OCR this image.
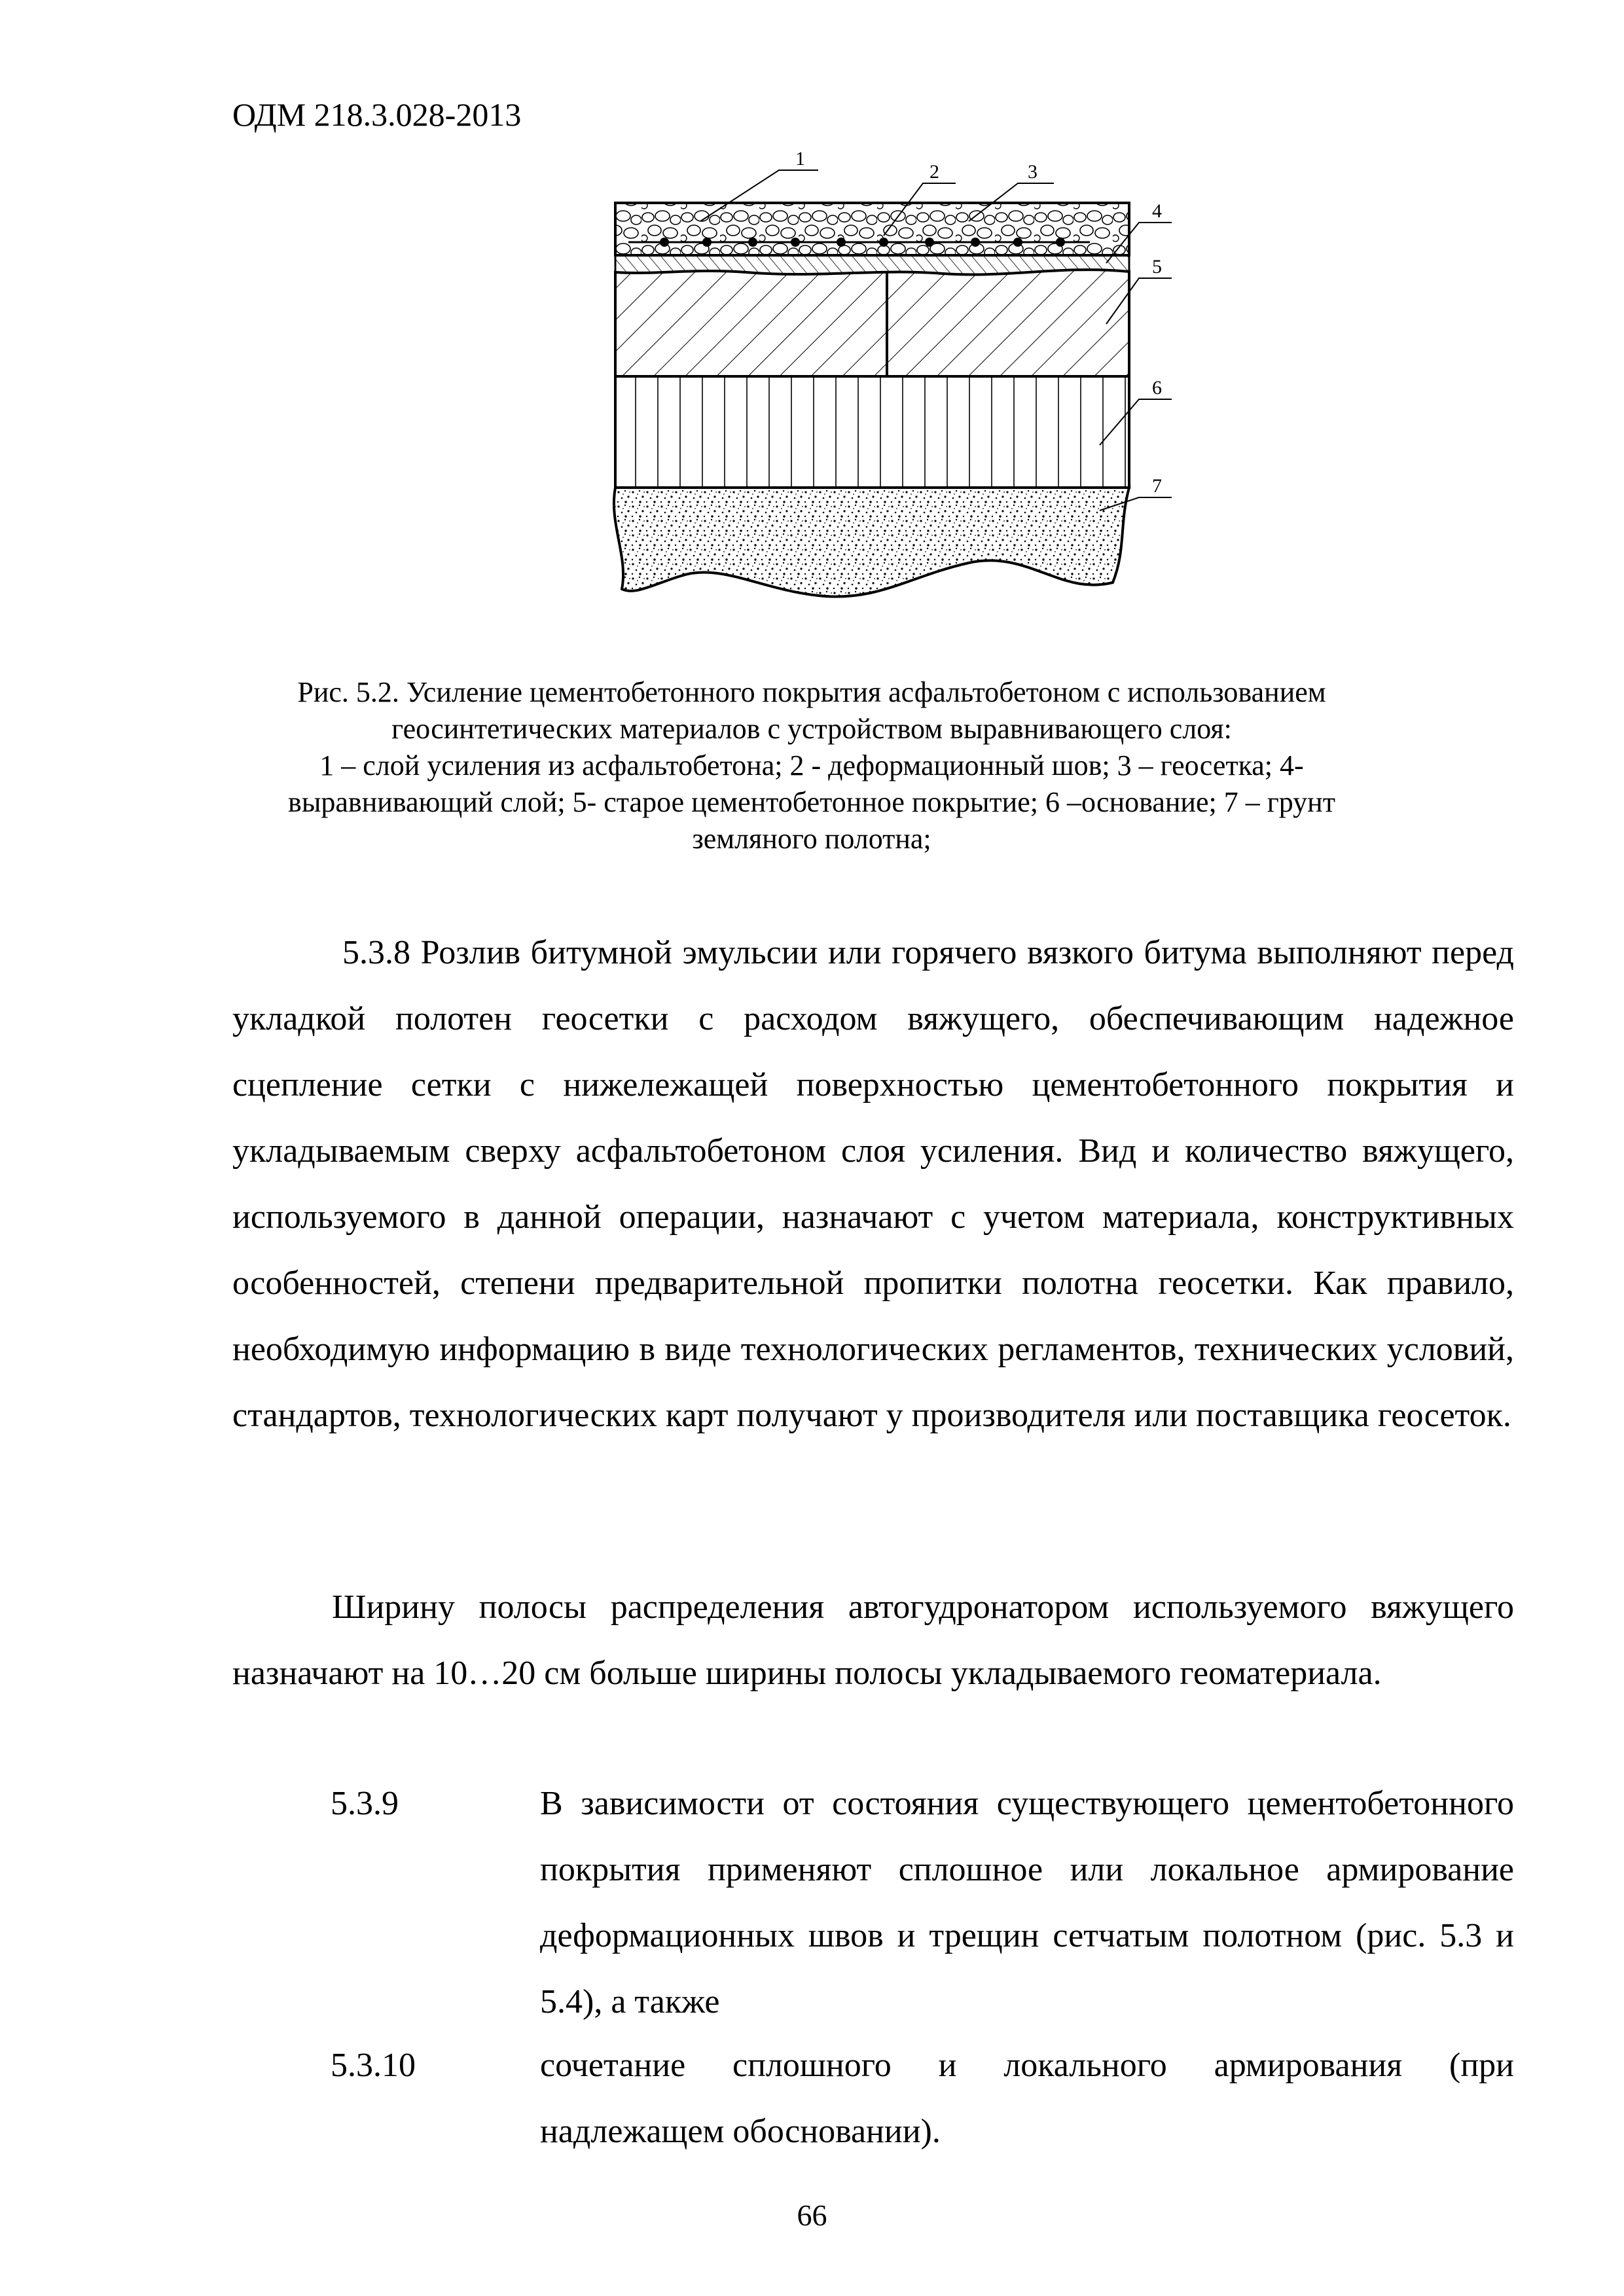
ОДМ 218.3.028-2013
1
2	3
4
5
6
7
Рис. 5.2. Усиление цементобетонного покрытия асфальтобетоном с использованием
геосинтетических материалов с устройством выравнивающего слоя:
1 – слой усиления из асфальтобетона; 2 - деформационный шов; 3 – геосетка; 4-
выравнивающий слой; 5- старое цементобетонное покрытие; 6 –основание; 7 – грунт
земляного полотна;

5.3.8 Розлив битумной эмульсии или горячего вязкого битума выполняют перед укладкой полотен геосетки с расходом вяжущего, обеспечивающим надежное сцепление сетки с нижележащей поверхностью цементобетонного покрытия и укладываемым сверху асфальтобетоном слоя усиления. Вид и количество вяжущего, используемого в данной операции, назначают с учетом материала, конструктивных особенностей, степени предварительной пропитки полотна геосетки. Как правило, необходимую информацию в виде технологических регламентов, технических условий, стандартов, технологических карт получают у производителя или поставщика геосеток.

Ширину полосы распределения автогудронатором используемого вяжущего назначают на 10…20 см больше ширины полосы укладываемого геоматериала.

5.3.9	В зависимости от состояния существующего цементобетонного покрытия применяют сплошное или локальное армирование деформационных швов и трещин сетчатым полотном (рис. 5.3 и 5.4), а также
5.3.10	сочетание сплошного и локального армирования (при надлежащем обосновании).
66
